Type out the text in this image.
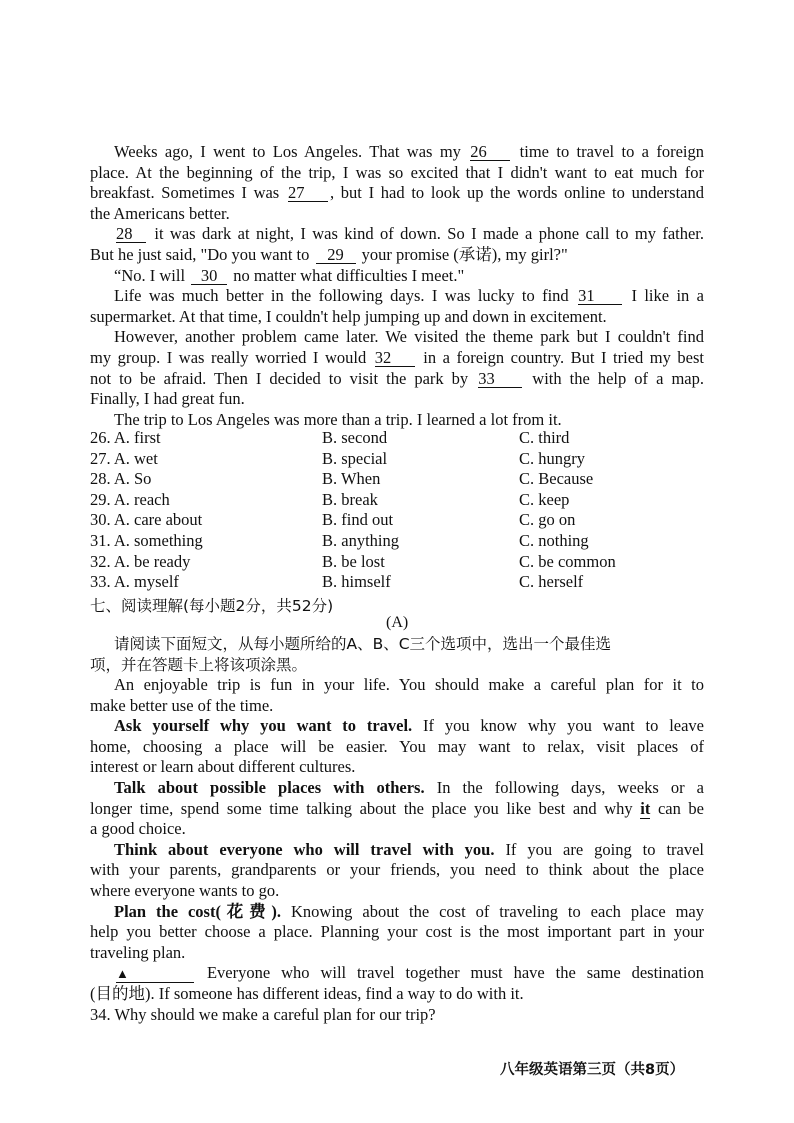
Weeks ago, I went to Los Angeles. That was my 26 time to travel to a foreign
place. At the beginning of the trip, I was so excited that I didn't want to eat much for
breakfast. Sometimes I was 27 , but I had to look up the words online to understand
the Americans better.
28 it was dark at night, I was kind of down. So I made a phone call to my father.
But he just said, "Do you want to 29 your promise (承诺), my girl?"
“No. I will 30 no matter what difficulties I meet."
Life was much better in the following days. I was lucky to find 31 I like in a
supermarket. At that time, I couldn't help jumping up and down in excitement.
However, another problem came later. We visited the theme park but I couldn't find
my group. I was really worried I would 32 in a foreign country. But I tried my best
not to be afraid. Then I decided to visit the park by 33 with the help of a map.
Finally, I had great fun.
The trip to Los Angeles was more than a trip. I learned a lot from it.
26. A. first	B. second	C. third
27. A. wet	B. special	C. hungry
28. A. So	B. When	C. Because
29. A. reach	B. break	C. keep
30. A. care about	B. find out	C. go on
31. A. something	B. anything	C. nothing
32. A. be ready	B. be lost	C. be common
33. A. myself	B. himself	C. herself
七、阅读理解(每小题2分，共52分)
(A)
请阅读下面短文，从每小题所给的A、B、C三个选项中，选出一个最佳选
项，并在答题卡上将该项涂黑。
An enjoyable trip is fun in your life. You should make a careful plan for it to
make better use of the time.
Ask yourself why you want to travel. If you know why you want to leave
home, choosing a place will be easier. You may want to relax, visit places of
interest or learn about different cultures.
Talk about possible places with others. In the following days, weeks or a
longer time, spend some time talking about the place you like best and why it can be
a good choice.
Think about everyone who will travel with you. If you are going to travel
with your parents, grandparents or your friends, you need to think about the place
where everyone wants to go.
Plan the cost(花费). Knowing about the cost of traveling to each place may
help you better choose a place. Planning your cost is the most important part in your
traveling plan.
▲	Everyone who will travel together must have the same destination
(目的地). If someone has different ideas, find a way to do with it.
34. Why should we make a careful plan for our trip?
八年级英语第三页（共8页）
